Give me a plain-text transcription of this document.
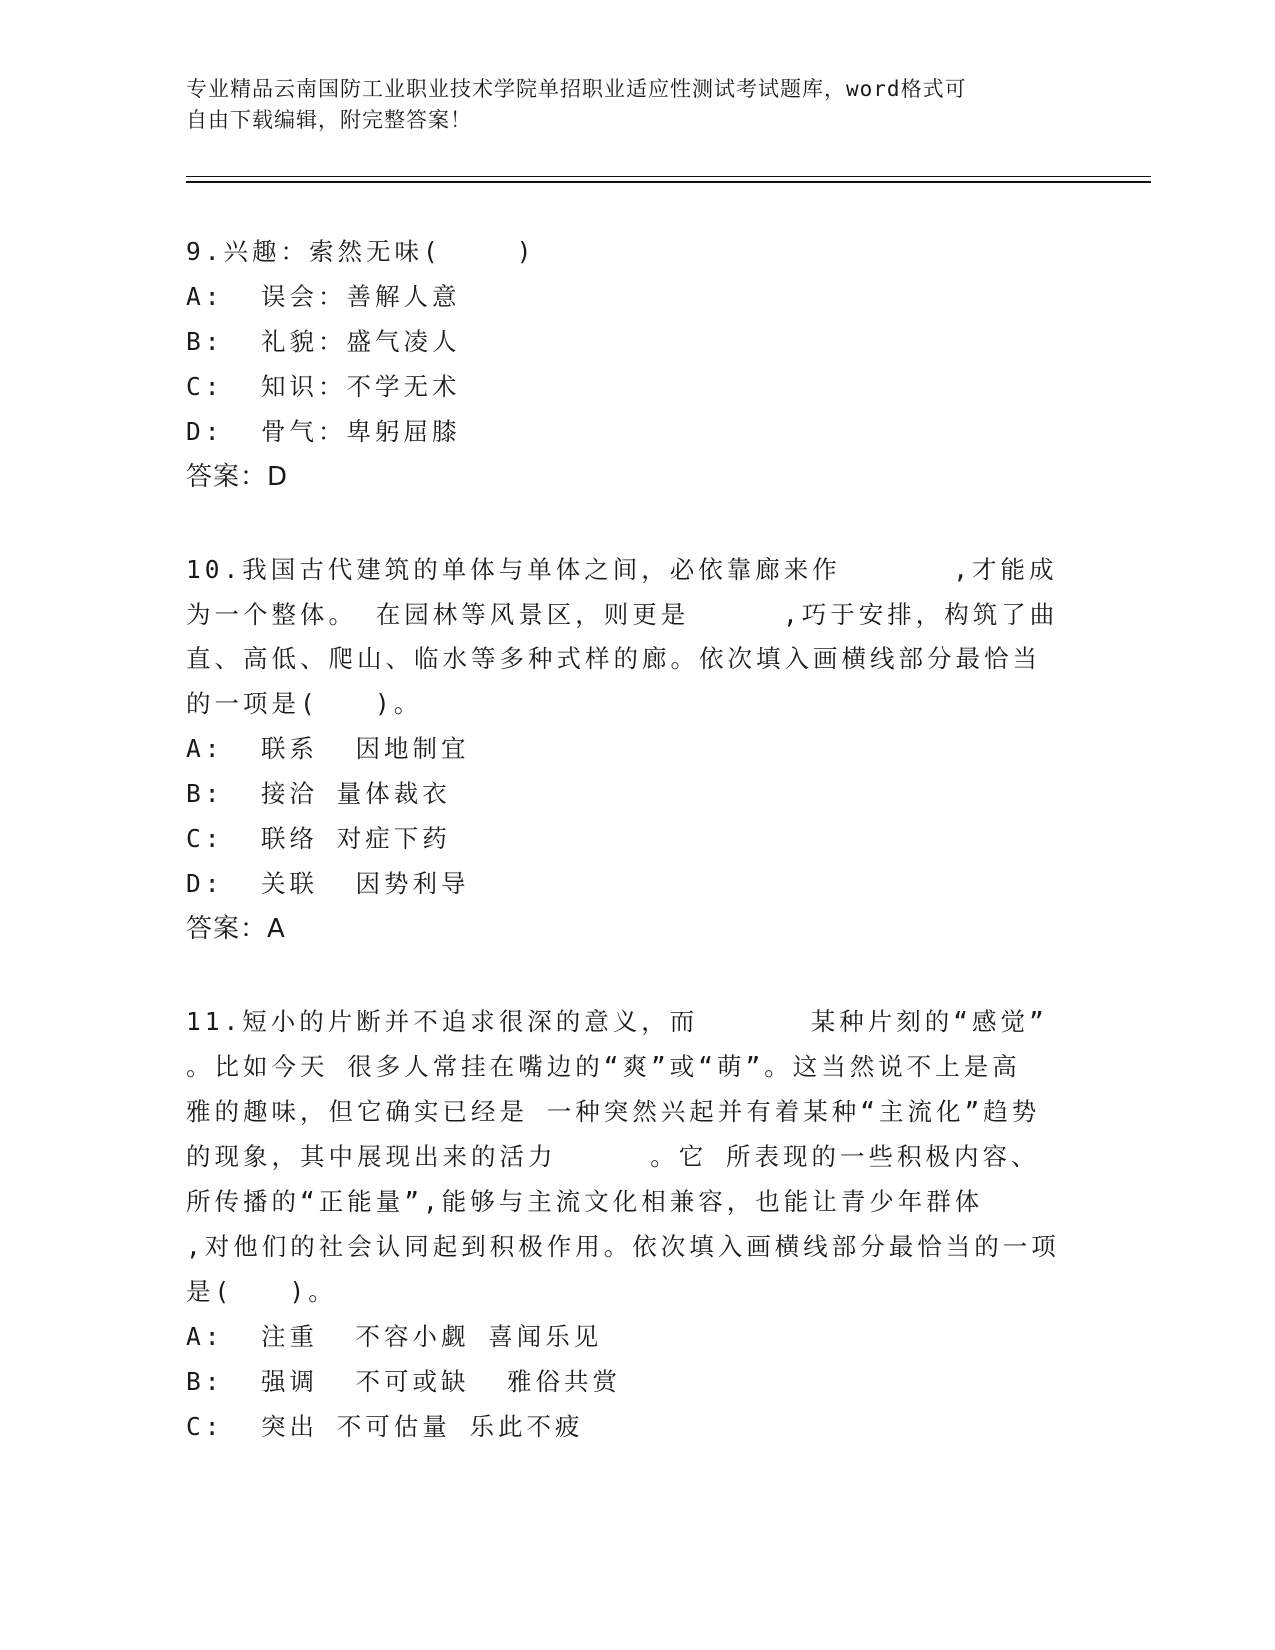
专业精品云南国防工业职业技术学院单招职业适应性测试考试题库，word格式可
自由下载编辑，附完整答案！
9.兴趣：索然无味(    )
A:  误会：善解人意
B:  礼貌：盛气凌人
C:  知识：不学无术
D:  骨气：卑躬屈膝
答案：D
10.我国古代建筑的单体与单体之间，必依靠廊来作      ,才能成
为一个整体。 在园林等风景区，则更是     ,巧于安排，构筑了曲
直、高低、爬山、临水等多种式样的廊。依次填入画横线部分最恰当
的一项是(   )。
A:  联系  因地制宜
B:  接洽 量体裁衣
C:  联络 对症下药
D:  关联  因势利导
答案：A
11.短小的片断并不追求很深的意义，而      某种片刻的“感觉”
。比如今天 很多人常挂在嘴边的“爽”或“萌”。这当然说不上是高
雅的趣味，但它确实已经是 一种突然兴起并有着某种“主流化”趋势
的现象，其中展现出来的活力     。它 所表现的一些积极内容、
所传播的“正能量”,能够与主流文化相兼容，也能让青少年群体
,对他们的社会认同起到积极作用。依次填入画横线部分最恰当的一项
是(   )。
A:  注重  不容小觑 喜闻乐见
B:  强调  不可或缺  雅俗共赏
C:  突出 不可估量 乐此不疲
